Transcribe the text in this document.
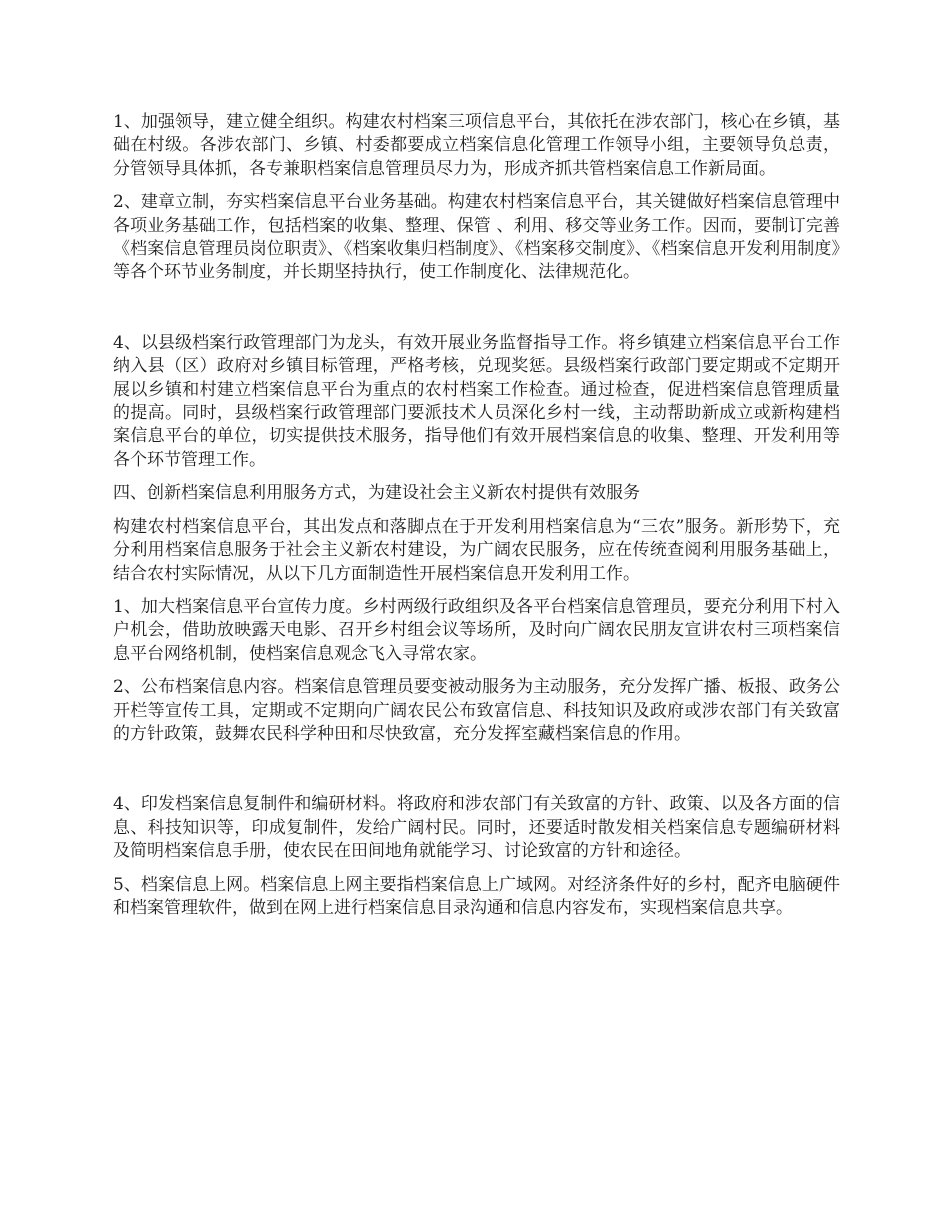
1、加强领导，建立健全组织。构建农村档案三项信息平台，其依托在涉农部门，核心在乡镇，基础在村级。各涉农部门、乡镇、村委都要成立档案信息化管理工作领导小组，主要领导负总责，分管领导具体抓，各专兼职档案信息管理员尽力为，形成齐抓共管档案信息工作新局面。

2、建章立制，夯实档案信息平台业务基础。构建农村档案信息平台，其关键做好档案信息管理中各项业务基础工作，包括档案的收集、整理、保管 、利用、移交等业务工作。因而，要制订完善《档案信息管理员岗位职责》、《档案收集归档制度》、《档案移交制度》、《档案信息开发利用制度》等各个环节业务制度，并长期坚持执行，使工作制度化、法律规范化。

4、以县级档案行政管理部门为龙头，有效开展业务监督指导工作。将乡镇建立档案信息平台工作纳入县（区）政府对乡镇目标管理，严格考核，兑现奖惩。县级档案行政部门要定期或不定期开展以乡镇和村建立档案信息平台为重点的农村档案工作检查。通过检查，促进档案信息管理质量的提高。同时，县级档案行政管理部门要派技术人员深化乡村一线，主动帮助新成立或新构建档案信息平台的单位，切实提供技术服务，指导他们有效开展档案信息的收集、整理、开发利用等各个环节管理工作。

四、创新档案信息利用服务方式，为建设社会主义新农村提供有效服务

构建农村档案信息平台，其出发点和落脚点在于开发利用档案信息为“三农”服务。新形势下，充分利用档案信息服务于社会主义新农村建设，为广阔农民服务，应在传统查阅利用服务基础上，结合农村实际情况，从以下几方面制造性开展档案信息开发利用工作。

1、加大档案信息平台宣传力度。乡村两级行政组织及各平台档案信息管理员，要充分利用下村入户机会，借助放映露天电影、召开乡村组会议等场所，及时向广阔农民朋友宣讲农村三项档案信息平台网络机制，使档案信息观念飞入寻常农家。

2、公布档案信息内容。档案信息管理员要变被动服务为主动服务，充分发挥广播、板报、政务公开栏等宣传工具，定期或不定期向广阔农民公布致富信息、科技知识及政府或涉农部门有关致富的方针政策，鼓舞农民科学种田和尽快致富，充分发挥室藏档案信息的作用。

4、印发档案信息复制件和编研材料。将政府和涉农部门有关致富的方针、政策、以及各方面的信息、科技知识等，印成复制件，发给广阔村民。同时，还要适时散发相关档案信息专题编研材料及简明档案信息手册，使农民在田间地角就能学习、讨论致富的方针和途径。

5、档案信息上网。档案信息上网主要指档案信息上广域网。对经济条件好的乡村，配齐电脑硬件和档案管理软件，做到在网上进行档案信息目录沟通和信息内容发布，实现档案信息共享。
